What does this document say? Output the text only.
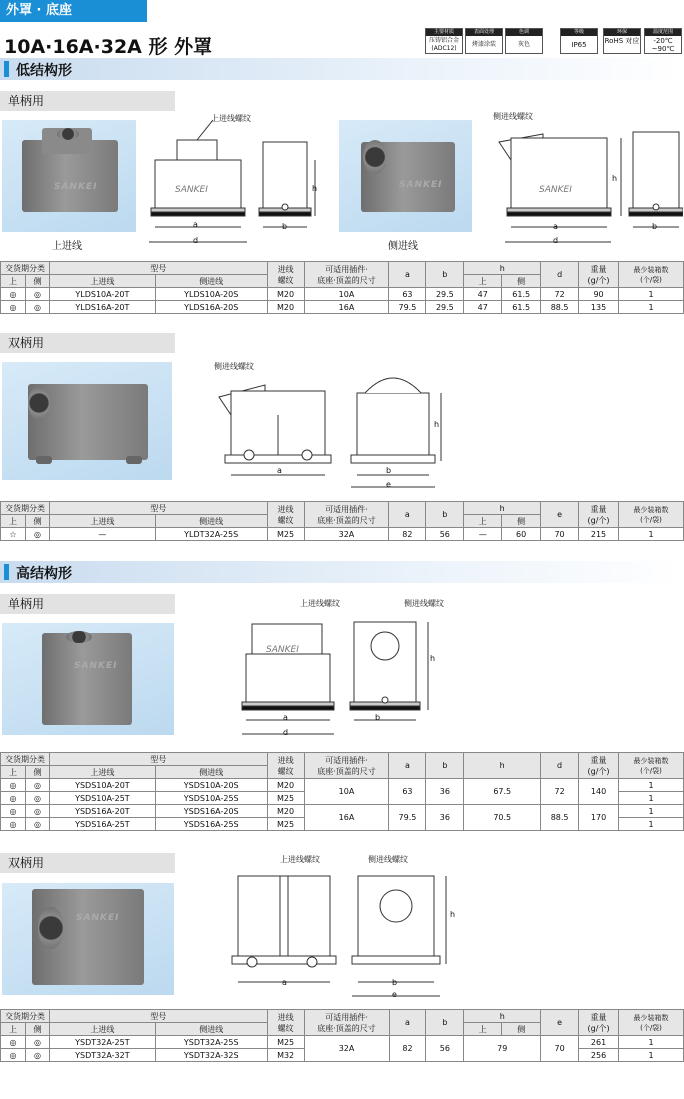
外罩 · 底座
10A·16A·32A 形 外罩
主要材质
压铸铝合金 (ADC12)
表面处理
烤漆涂装
色调
灰色
等级
IP65
环保
RoHS 对应
温度范围
-20℃ ~90℃
低结构形
单柄用
SANKEI
上进线
SANKEI
上进线螺纹
a
d
h
b
SANKEI
侧进线
SANKEI
侧进线螺纹
a
d
h
b
交货期分类		型号		进线
螺纹	可适用插件·
底座·顶盖的尺寸	a	b	h		d	重量
(g/个)	最少装箱数
(个/袋)
上	侧	上进线	侧进线					上	侧			
◎	◎	YLDS10A-20T	YLDS10A-20S	M20	10A	63	29.5	47	61.5	72	90	1
◎	◎	YLDS16A-20T	YLDS16A-20S	M20	16A	79.5	29.5	47	61.5	88.5	135	1
双柄用
侧进线螺纹
a	b
e
h
交货期分类		型号		进线
螺纹	可适用插件·
底座·顶盖的尺寸	a	b	h		e	重量
(g/个)	最少装箱数
(个/袋)
上	侧	上进线	侧进线					上	侧			
☆	◎	—	YLDT32A-25S	M25	32A	82	56	—	60	70	215	1
高结构形
单柄用
SANKEI
SANKEI
上进线螺纹	侧进线螺纹
a
d
h
b
交货期分类		型号		进线
螺纹	可适用插件·
底座·顶盖的尺寸	a	b	h	d	重量
(g/个)	最少装箱数
(个/袋)
上	侧	上进线	侧进线								
◎	◎	YSDS10A-20T	YSDS10A-20S	M20	10A	63	36	67.5	72	140	1
◎	◎	YSDS10A-25T	YSDS10A-25S	M25							1
◎	◎	YSDS16A-20T	YSDS16A-20S	M20	16A	79.5	36	70.5	88.5	170	1
◎	◎	YSDS16A-25T	YSDS16A-25S	M25							1
双柄用
SANKEI
上进线螺纹	侧进线螺纹
a	b
e
h
交货期分类		型号		进线
螺纹	可适用插件·
底座·顶盖的尺寸	a	b	h		e	重量
(g/个)	最少装箱数
(个/袋)
上	侧	上进线	侧进线					上	侧			
◎	◎	YSDT32A-25T	YSDT32A-25S	M25	32A	82	56	79		70	261	1
◎	◎	YSDT32A-32T	YSDT32A-32S	M32							256	1
